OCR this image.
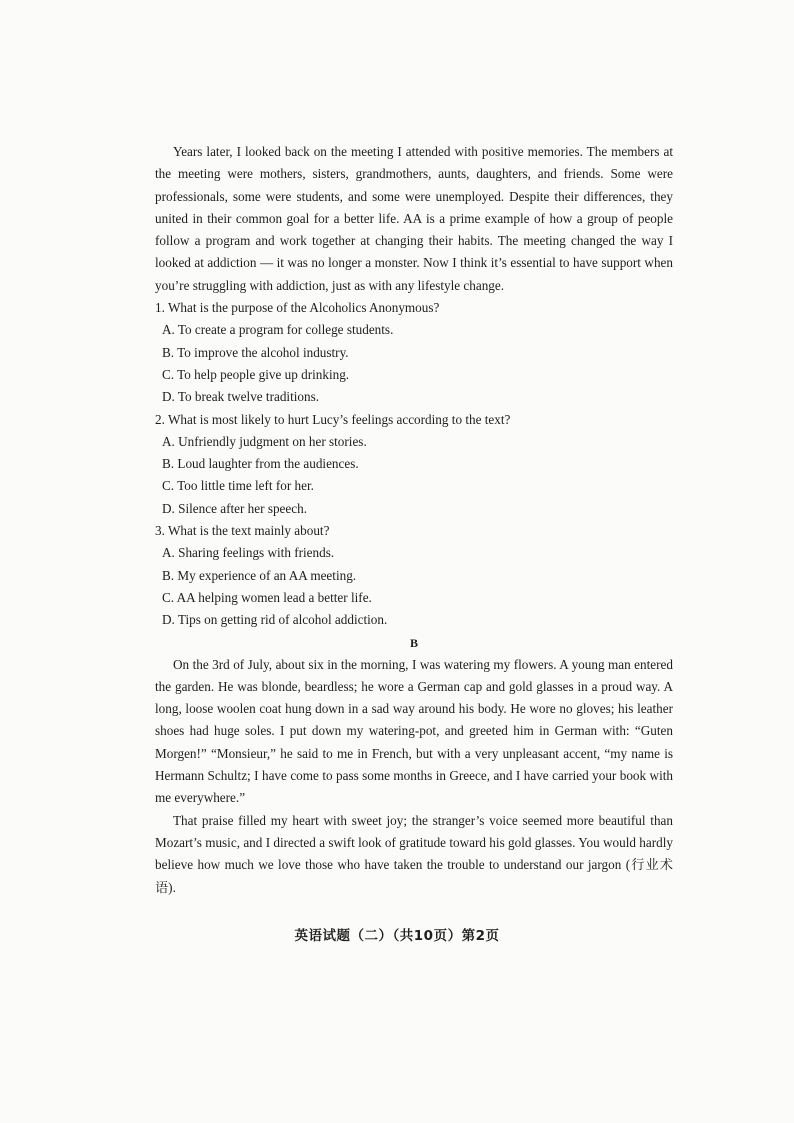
Years later, I looked back on the meeting I attended with positive memories. The members at the meeting were mothers, sisters, grandmothers, aunts, daughters, and friends. Some were professionals, some were students, and some were unemployed. Despite their differences, they united in their common goal for a better life. AA is a prime example of how a group of people follow a program and work together at changing their habits. The meeting changed the way I looked at addiction — it was no longer a monster. Now I think it’s essential to have support when you’re struggling with addiction, just as with any lifestyle change.

1. What is the purpose of the Alcoholics Anonymous?

A. To create a program for college students.

B. To improve the alcohol industry.

C. To help people give up drinking.

D. To break twelve traditions.

2. What is most likely to hurt Lucy’s feelings according to the text?

A. Unfriendly judgment on her stories.

B. Loud laughter from the audiences.

C. Too little time left for her.

D. Silence after her speech.

3. What is the text mainly about?

A. Sharing feelings with friends.

B. My experience of an AA meeting.

C. AA helping women lead a better life.

D. Tips on getting rid of alcohol addiction.

B

On the 3rd of July, about six in the morning, I was watering my flowers. A young man entered the garden. He was blonde, beardless; he wore a German cap and gold glasses in a proud way. A long, loose woolen coat hung down in a sad way around his body. He wore no gloves; his leather shoes had huge soles. I put down my watering-pot, and greeted him in German with: “Guten Morgen!” “Monsieur,” he said to me in French, but with a very unpleasant accent, “my name is Hermann Schultz; I have come to pass some months in Greece, and I have carried your book with me everywhere.”

That praise filled my heart with sweet joy; the stranger’s voice seemed more beautiful than Mozart’s music, and I directed a swift look of gratitude toward his gold glasses. You would hardly believe how much we love those who have taken the trouble to understand our jargon (行业术语).

英语试题（二）（共10页）第2页
